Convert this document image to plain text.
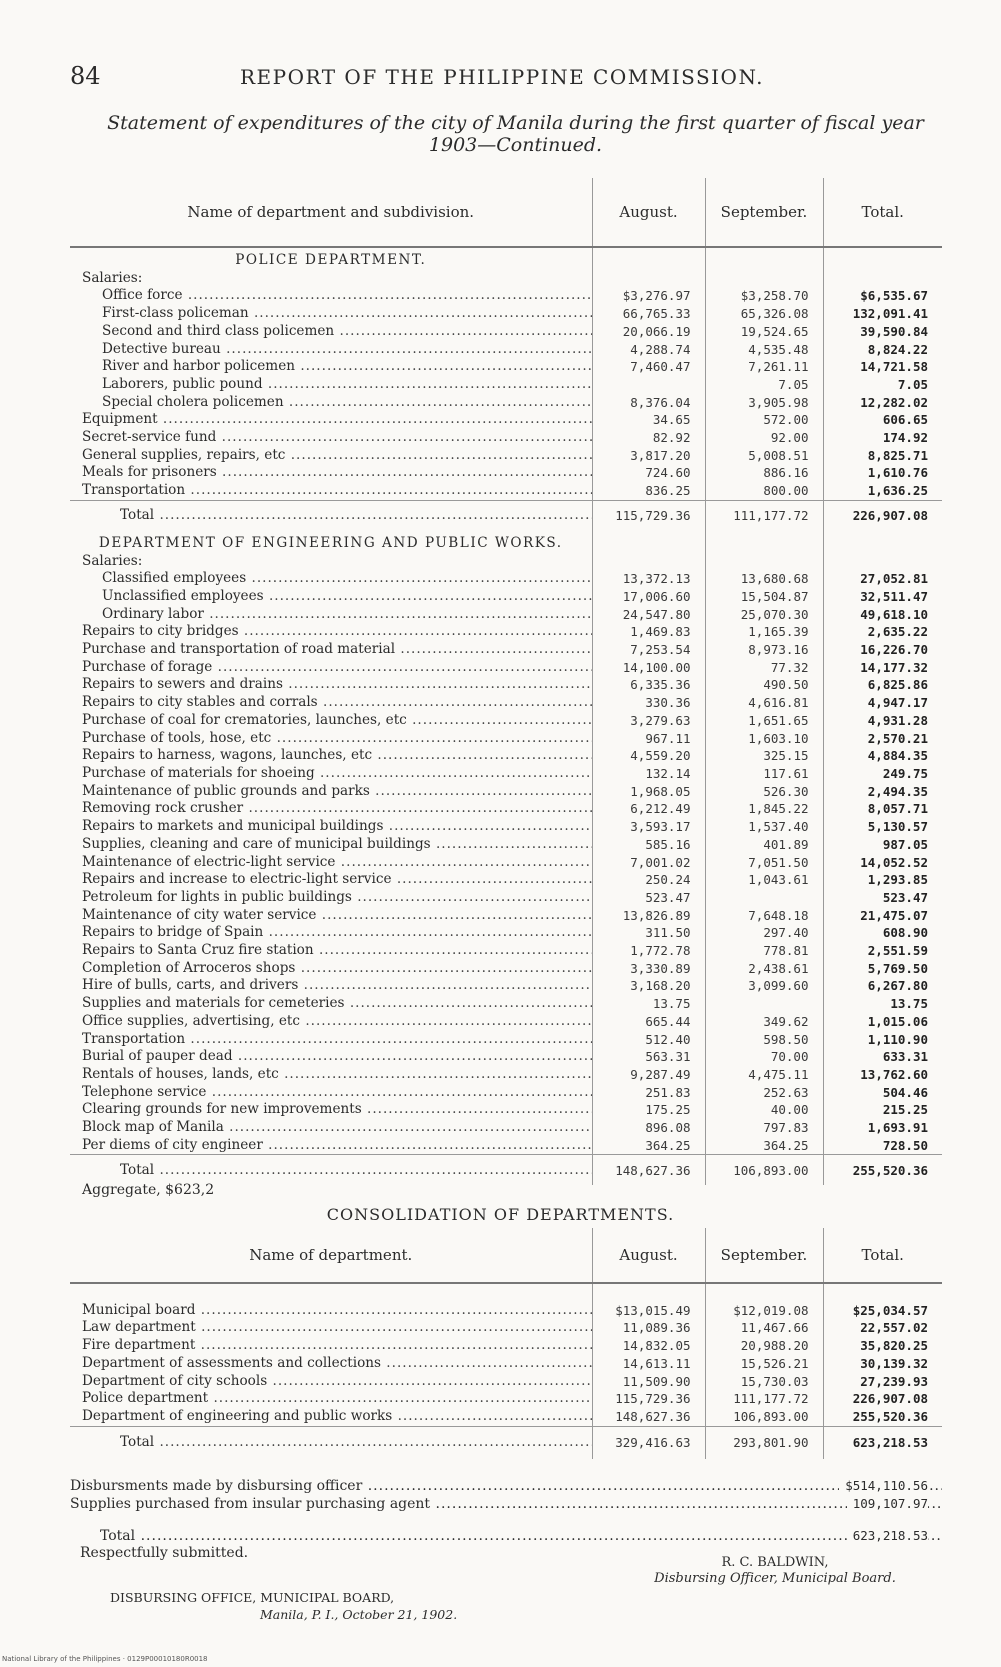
84	REPORT OF THE PHILIPPINE COMMISSION.
Statement of expenditures of the city of Manila during the first quarter of fiscal year
1903—Continued.
Name of department and subdivision.	August.	September.	Total.
POLICE DEPARTMENT.			

Salaries:			

Office force .....	$3,276.97	$3,258.70	$6,535.67

First-class policeman .....	66,765.33	65,326.08	132,091.41

Second and third class policemen .....	20,066.19	19,524.65	39,590.84

Detective bureau .....	4,288.74	4,535.48	8,824.22

River and harbor policemen .....	7,460.47	7,261.11	14,721.58

Laborers, public pound .....		7.05	7.05

Special cholera policemen .....	8,376.04	3,905.98	12,282.02

Equipment .....	34.65	572.00	606.65

Secret-service fund .....	82.92	92.00	174.92

General supplies, repairs, etc .....	3,817.20	5,008.51	8,825.71

Meals for prisoners .....	724.60	886.16	1,610.76

Transportation .....	836.25	800.00	1,636.25

Total .....	115,729.36	111,177.72	226,907.08
DEPARTMENT OF ENGINEERING AND PUBLIC WORKS.			

Salaries:			

Classified employees .....	13,372.13	13,680.68	27,052.81

Unclassified employees .....	17,006.60	15,504.87	32,511.47

Ordinary labor .....	24,547.80	25,070.30	49,618.10

Repairs to city bridges .....	1,469.83	1,165.39	2,635.22

Purchase and transportation of road material .....	7,253.54	8,973.16	16,226.70

Purchase of forage .....	14,100.00	77.32	14,177.32

Repairs to sewers and drains .....	6,335.36	490.50	6,825.86

Repairs to city stables and corrals .....	330.36	4,616.81	4,947.17

Purchase of coal for crematories, launches, etc .....	3,279.63	1,651.65	4,931.28

Purchase of tools, hose, etc .....	967.11	1,603.10	2,570.21

Repairs to harness, wagons, launches, etc .....	4,559.20	325.15	4,884.35

Purchase of materials for shoeing .....	132.14	117.61	249.75

Maintenance of public grounds and parks .....	1,968.05	526.30	2,494.35

Removing rock crusher .....	6,212.49	1,845.22	8,057.71

Repairs to markets and municipal buildings .....	3,593.17	1,537.40	5,130.57

Supplies, cleaning and care of municipal buildings .....	585.16	401.89	987.05

Maintenance of electric-light service .....	7,001.02	7,051.50	14,052.52

Repairs and increase to electric-light service .....	250.24	1,043.61	1,293.85

Petroleum for lights in public buildings .....	523.47		523.47

Maintenance of city water service .....	13,826.89	7,648.18	21,475.07

Repairs to bridge of Spain .....	311.50	297.40	608.90

Repairs to Santa Cruz fire station .....	1,772.78	778.81	2,551.59

Completion of Arroceros shops .....	3,330.89	2,438.61	5,769.50

Hire of bulls, carts, and drivers .....	3,168.20	3,099.60	6,267.80

Supplies and materials for cemeteries .....	13.75		13.75

Office supplies, advertising, etc .....	665.44	349.62	1,015.06

Transportation .....	512.40	598.50	1,110.90

Burial of pauper dead .....	563.31	70.00	633.31

Rentals of houses, lands, etc .....	9,287.49	4,475.11	13,762.60

Telephone service .....	251.83	252.63	504.46

Clearing grounds for new improvements .....	175.25	40.00	215.25

Block map of Manila .....	896.08	797.83	1,693.91

Per diems of city engineer .....	364.25	364.25	728.50

Total .....	148,627.36	106,893.00	255,520.36
Aggregate, $623,2
CONSOLIDATION OF DEPARTMENTS.
Name of department.	August.	September.	Total.

Municipal board .....	$13,015.49	$12,019.08	$25,034.57

Law department .....	11,089.36	11,467.66	22,557.02

Fire department .....	14,832.05	20,988.20	35,820.25

Department of assessments and collections .....	14,613.11	15,526.21	30,139.32

Department of city schools .....	11,509.90	15,730.03	27,239.93

Police department .....	115,729.36	111,177.72	226,907.08

Department of engineering and public works .....	148,627.36	106,893.00	255,520.36

Total .....	329,416.63	293,801.90	623,218.53
Disbursments made by disbursing officer .....	$514,110.56
Supplies purchased from insular purchasing agent .....	109,107.97
Total .....	623,218.53
Respectfully submitted.
R. C. BALDWIN,
Disbursing Officer, Municipal Board.
DISBURSING OFFICE, MUNICIPAL BOARD,
Manila, P. I., October 21, 1902.
National Library of the Philippines · 0129P00010180R0018
